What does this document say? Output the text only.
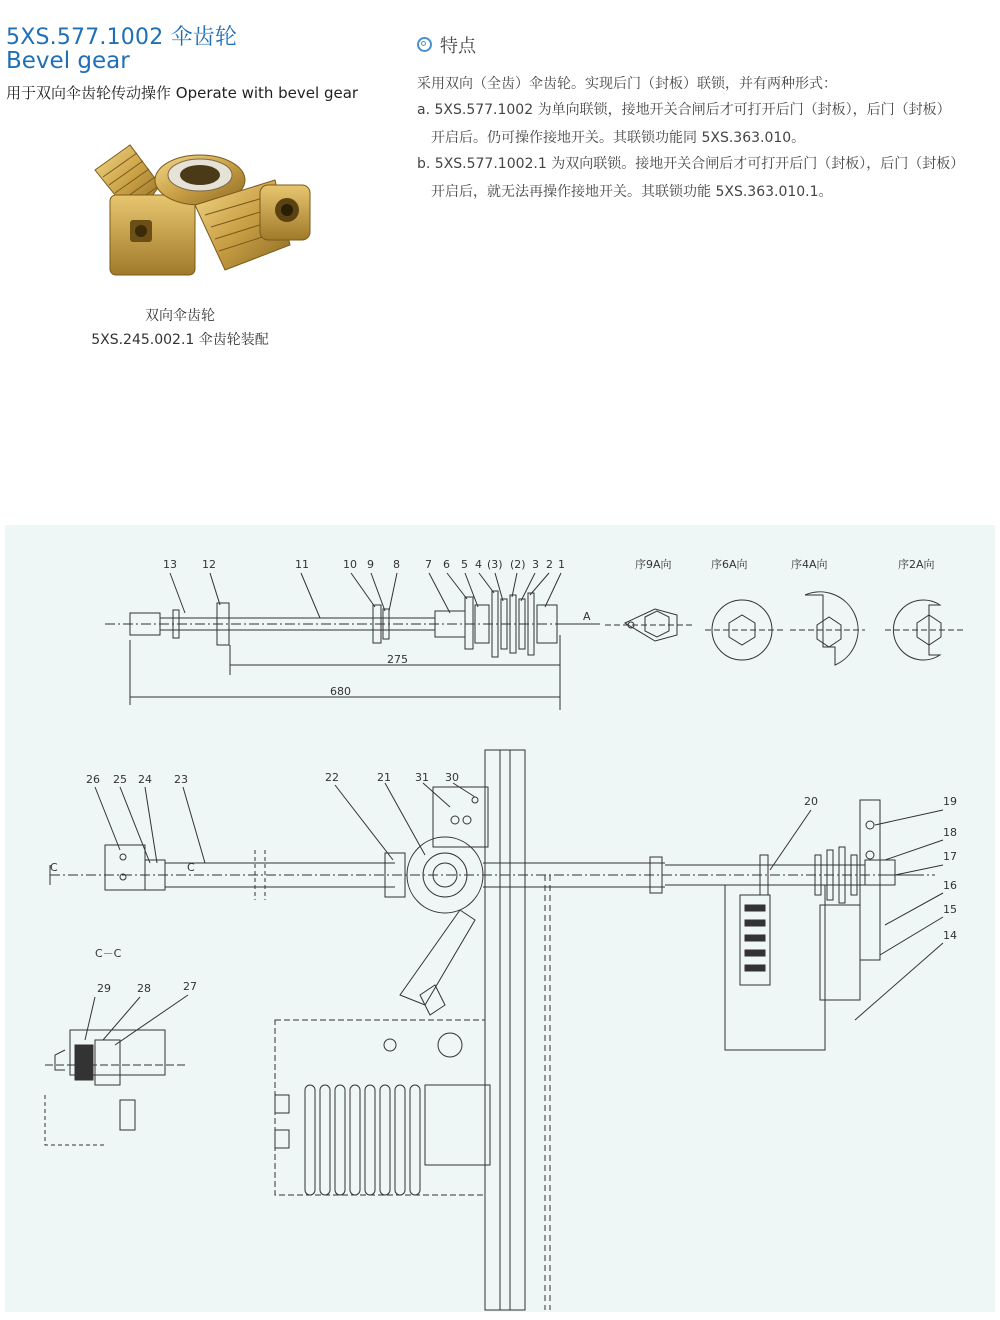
5XS.577.1002 伞齿轮
Bevel gear
用于双向伞齿轮传动操作 Operate with bevel gear
双向伞齿轮
5XS.245.002.1 伞齿轮装配
特点
采用双向（全齿）伞齿轮。实现后门（封板）联锁，并有两种形式：
a. 5XS.577.1002 为单向联锁，接地开关合闸后才可打开后门（封板），后门（封板）
开启后。仍可操作接地开关。其联锁功能同 5XS.363.010。
b. 5XS.577.1002.1 为双向联锁。接地开关合闸后才可打开后门（封板），后门（封板）
开启后，就无法再操作接地开关。其联锁功能 5XS.363.010.1。
13 12	11	10 9 8 7 6 5 4 (3) (2) 3 2 1
275
680
A
序9A向	序6A向	序4A向	序2A向
26 25 24 23	22	21 31 30
20	19
18
17
16
15
14
C	C
C－C
29 28	27
